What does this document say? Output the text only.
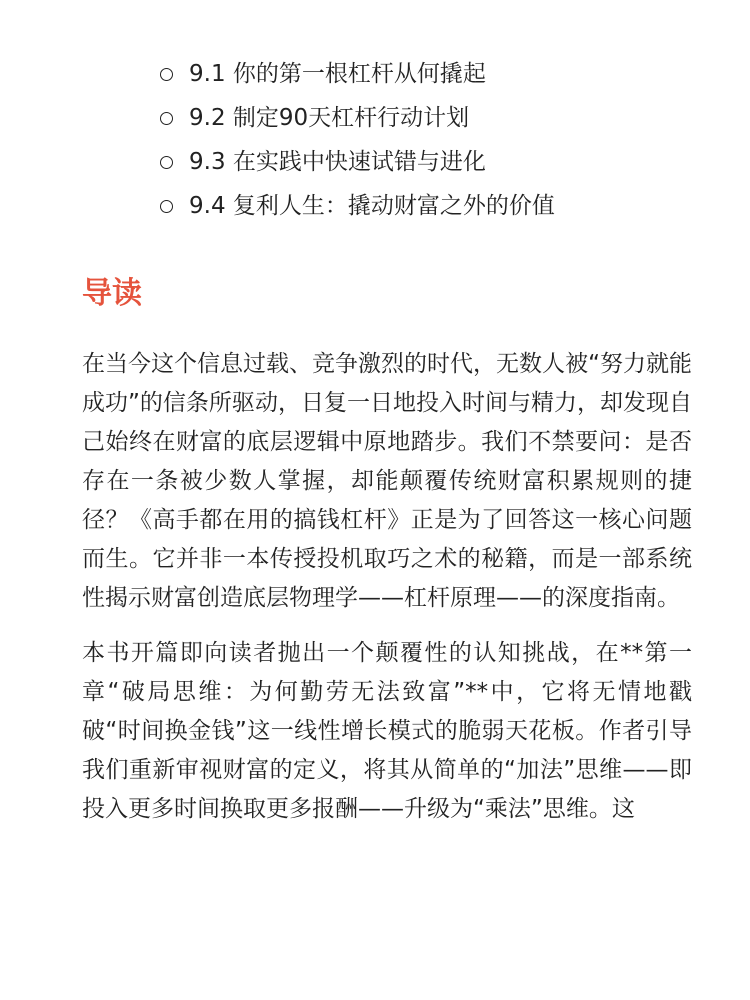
9.1 你的第一根杠杆从何撬起
9.2 制定90天杠杆行动计划
9.3 在实践中快速试错与进化
9.4 复利人生：撬动财富之外的价值
导读

在当今这个信息过载、竞争激烈的时代，无数人被“努力就能成功”的信条所驱动，日复一日地投入时间与精力，却发现自己始终在财富的底层逻辑中原地踏步。我们不禁要问：是否存在一条被少数人掌握，却能颠覆传统财富积累规则的捷径？《高手都在用的搞钱杠杆》正是为了回答这一核心问题而生。它并非一本传授投机取巧之术的秘籍，而是一部系统性揭示财富创造底层物理学——杠杆原理——的深度指南。

本书开篇即向读者抛出一个颠覆性的认知挑战，在**第一章“破局思维：为何勤劳无法致富”**中，它将无情地戳破“时间换金钱”这一线性增长模式的脆弱天花板。作者引导我们重新审视财富的定义，将其从简单的“加法”思维——即投入更多时间换取更多报酬——升级为“乘法”思维。这
